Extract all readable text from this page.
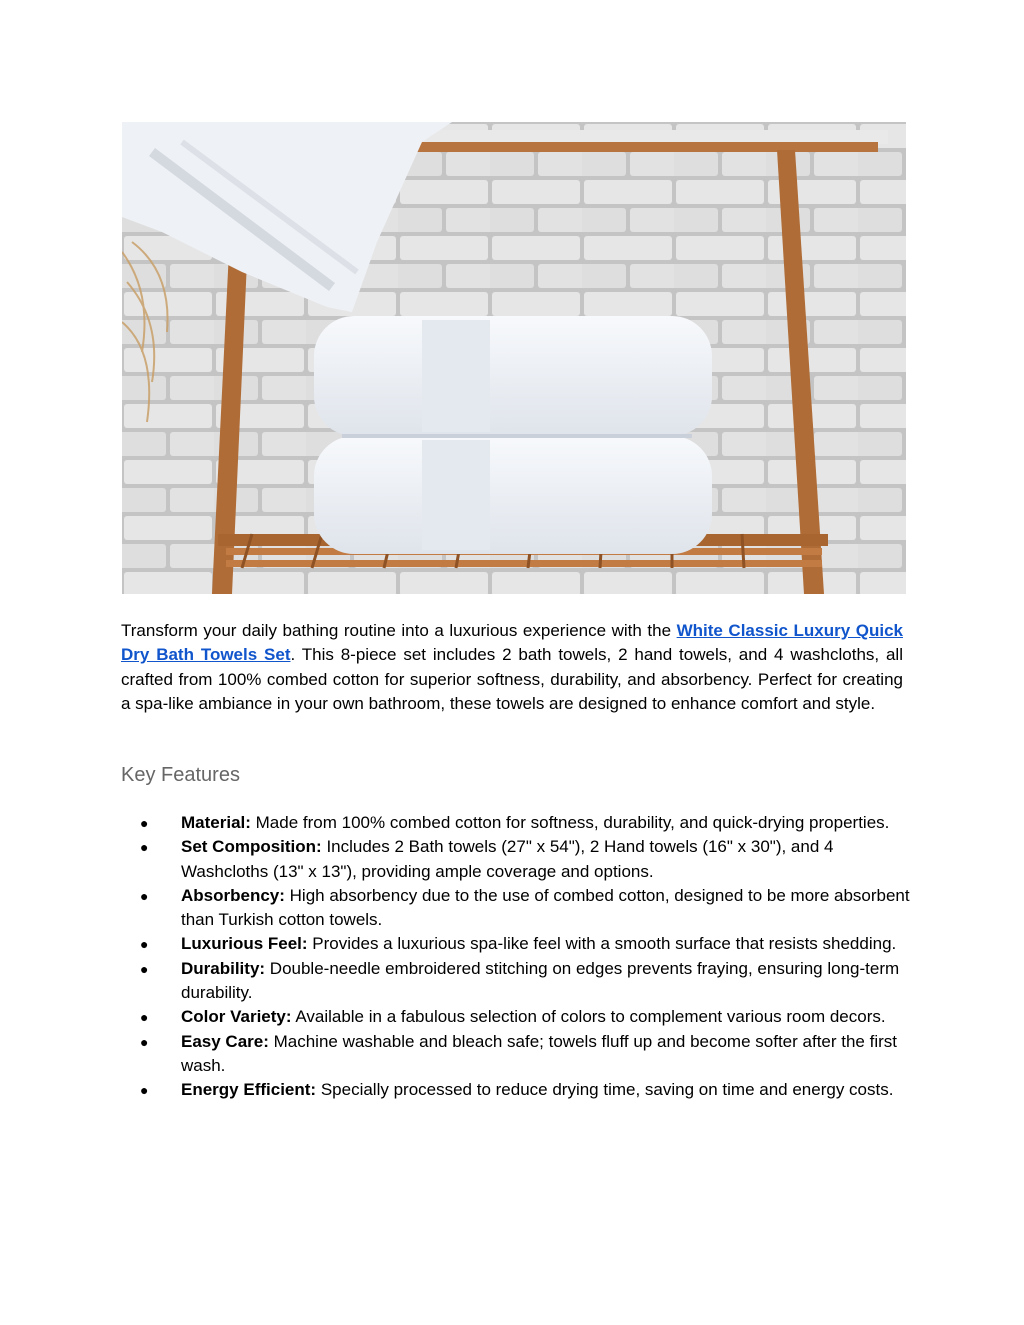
Transform your daily bathing routine into a luxurious experience with the White Classic Luxury Quick Dry Bath Towels Set. This 8-piece set includes 2 bath towels, 2 hand towels, and 4 washcloths, all crafted from 100% combed cotton for superior softness, durability, and absorbency. Perfect for creating a spa-like ambiance in your own bathroom, these towels are designed to enhance comfort and style.

Key Features
● Material: Made from 100% combed cotton for softness, durability, and quick-drying properties.
● Set Composition: Includes 2 Bath towels (27" x 54"), 2 Hand towels (16" x 30"), and 4 Washcloths (13" x 13"), providing ample coverage and options.
● Absorbency: High absorbency due to the use of combed cotton, designed to be more absorbent than Turkish cotton towels.
● Luxurious Feel: Provides a luxurious spa-like feel with a smooth surface that resists shedding.
● Durability: Double-needle embroidered stitching on edges prevents fraying, ensuring long-term durability.
● Color Variety: Available in a fabulous selection of colors to complement various room decors.
● Easy Care: Machine washable and bleach safe; towels fluff up and become softer after the first wash.
● Energy Efficient: Specially processed to reduce drying time, saving on time and energy costs.
